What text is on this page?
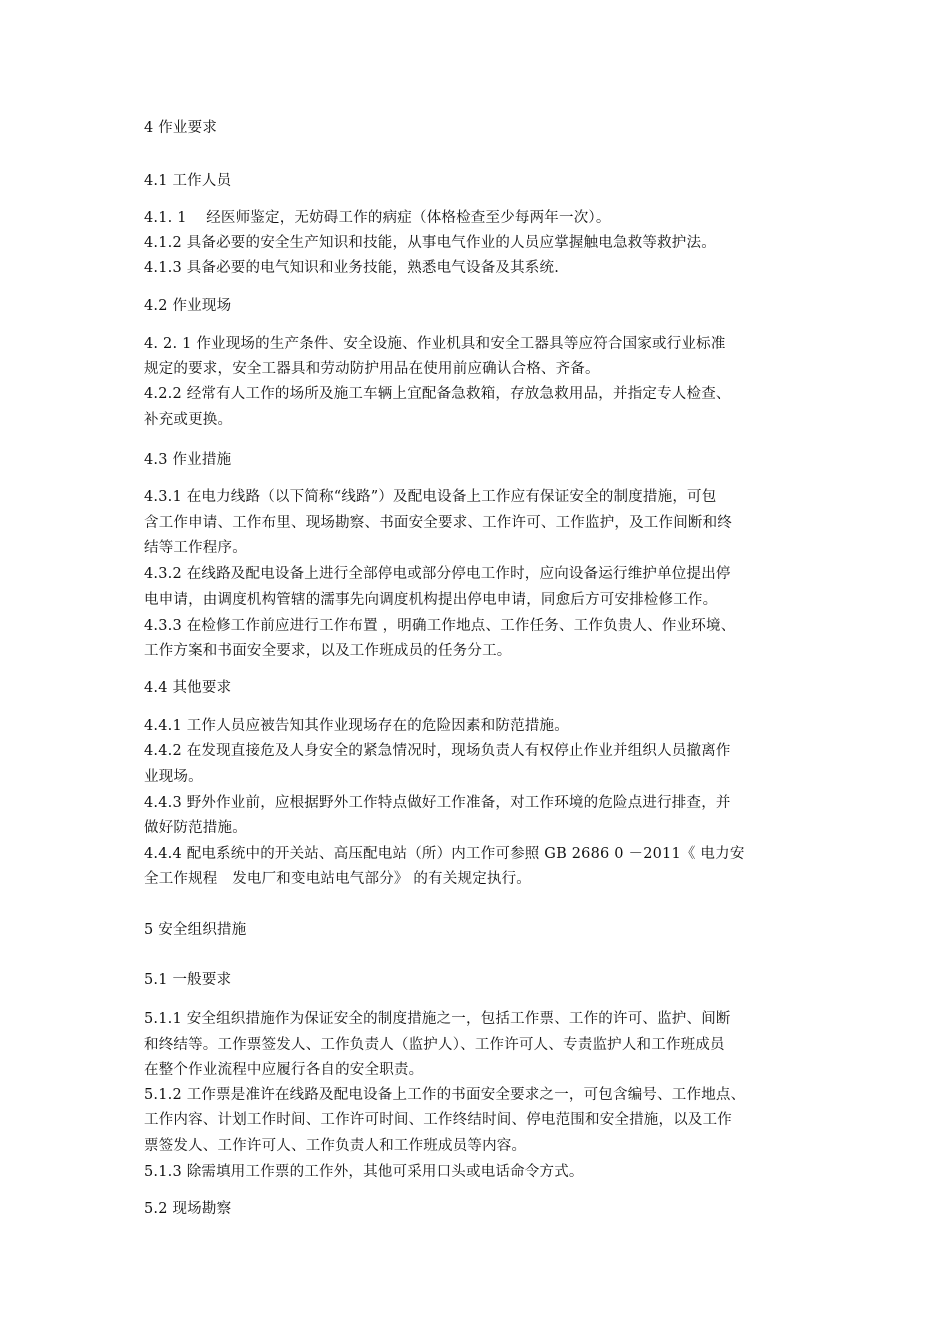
4 作业要求
4.1 工作人员
4.1. 1　 经医师鉴定，无妨碍工作的病症（体格检查至少每两年一次）。
4.1.2 具备必要的安全生产知识和技能，从事电气作业的人员应掌握触电急救等救护法。
4.1.3 具备必要的电气知识和业务技能，熟悉电气设备及其系统.
4.2 作业现场
4. 2. 1 作业现场的生产条件、安全设施、作业机具和安全工器具等应符合国家或行业标准
规定的要求，安全工器具和劳动防护用品在使用前应确认合格、齐备。
4.2.2 经常有人工作的场所及施工车辆上宜配备急救箱，存放急救用品，并指定专人检查、
补充或更换。
4.3 作业措施
4.3.1 在电力线路（以下简称“线路”）及配电设备上工作应有保证安全的制度措施，可包
含工作申请、工作布里、现场勘察、书面安全要求、工作许可、工作监护，及工作间断和终
结等工作程序。
4.3.2 在线路及配电设备上进行全部停电或部分停电工作时，应向设备运行维护单位提出停
电申请，由调度机构管辖的濡事先向调度机构提出停电申请，同愈后方可安排检修工作。
4.3.3 在检修工作前应进行工作布置 ，明确工作地点、工作任务、工作负贵人、作业环境、
工作方案和书面安全要求，以及工作班成员的任务分工。
4.4 其他要求
4.4.1 工作人员应被告知其作业现场存在的危险因素和防范措施。
4.4.2 在发现直接危及人身安全的紧急情况时，现场负责人有权停止作业并组织人员撤离作
业现场。
4.4.3 野外作业前，应根据野外工作特点做好工作准备，对工作环境的危险点进行排查，并
做好防范措施。
4.4.4 配电系统中的开关站、高压配电站（所）内工作可参照 GB 2686 0 －2011《 电力安
全工作规程　发电厂和变电站电气部分》 的有关规定执行。
5 安全组织措施
5.1 一般要求
5.1.1 安全组织措施作为保证安全的制度措施之一，包括工作票、工作的许可、监护、间断
和终结等。工作票签发人、工作负责人（监护人）、工作许可人、专责监护人和工作班成员
在整个作业流程中应履行各自的安全职责。
5.1.2 工作票是准许在线路及配电设备上工作的书面安全要求之一，可包含编号、工作地点、
工作内容、计划工作时间、工作许可时间、工作终结时间、停电范围和安全措施，以及工作
票签发人、工作许可人、工作负责人和工作班成员等内容。
5.1.3 除需填用工作票的工作外，其他可采用口头或电话命令方式。
5.2 现场勘察
